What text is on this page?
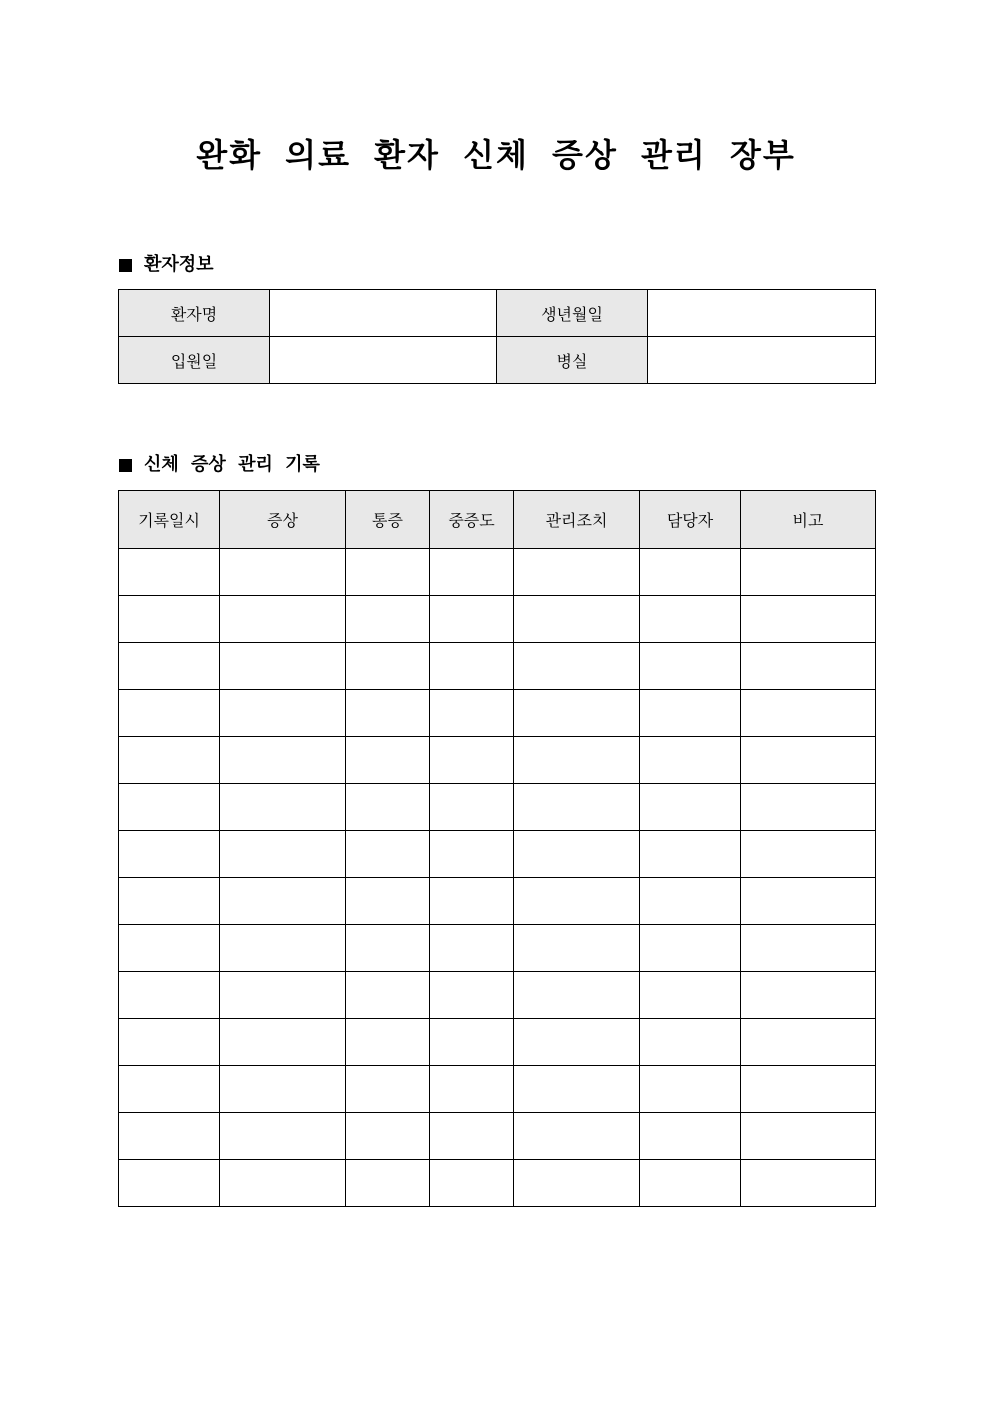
완화 의료 환자 신체 증상 관리 장부
환자정보
환자명		생년월일	
입원일		병실	
신체 증상 관리 기록
기록일시	증상	통증	중증도	관리조치	담당자	비고
